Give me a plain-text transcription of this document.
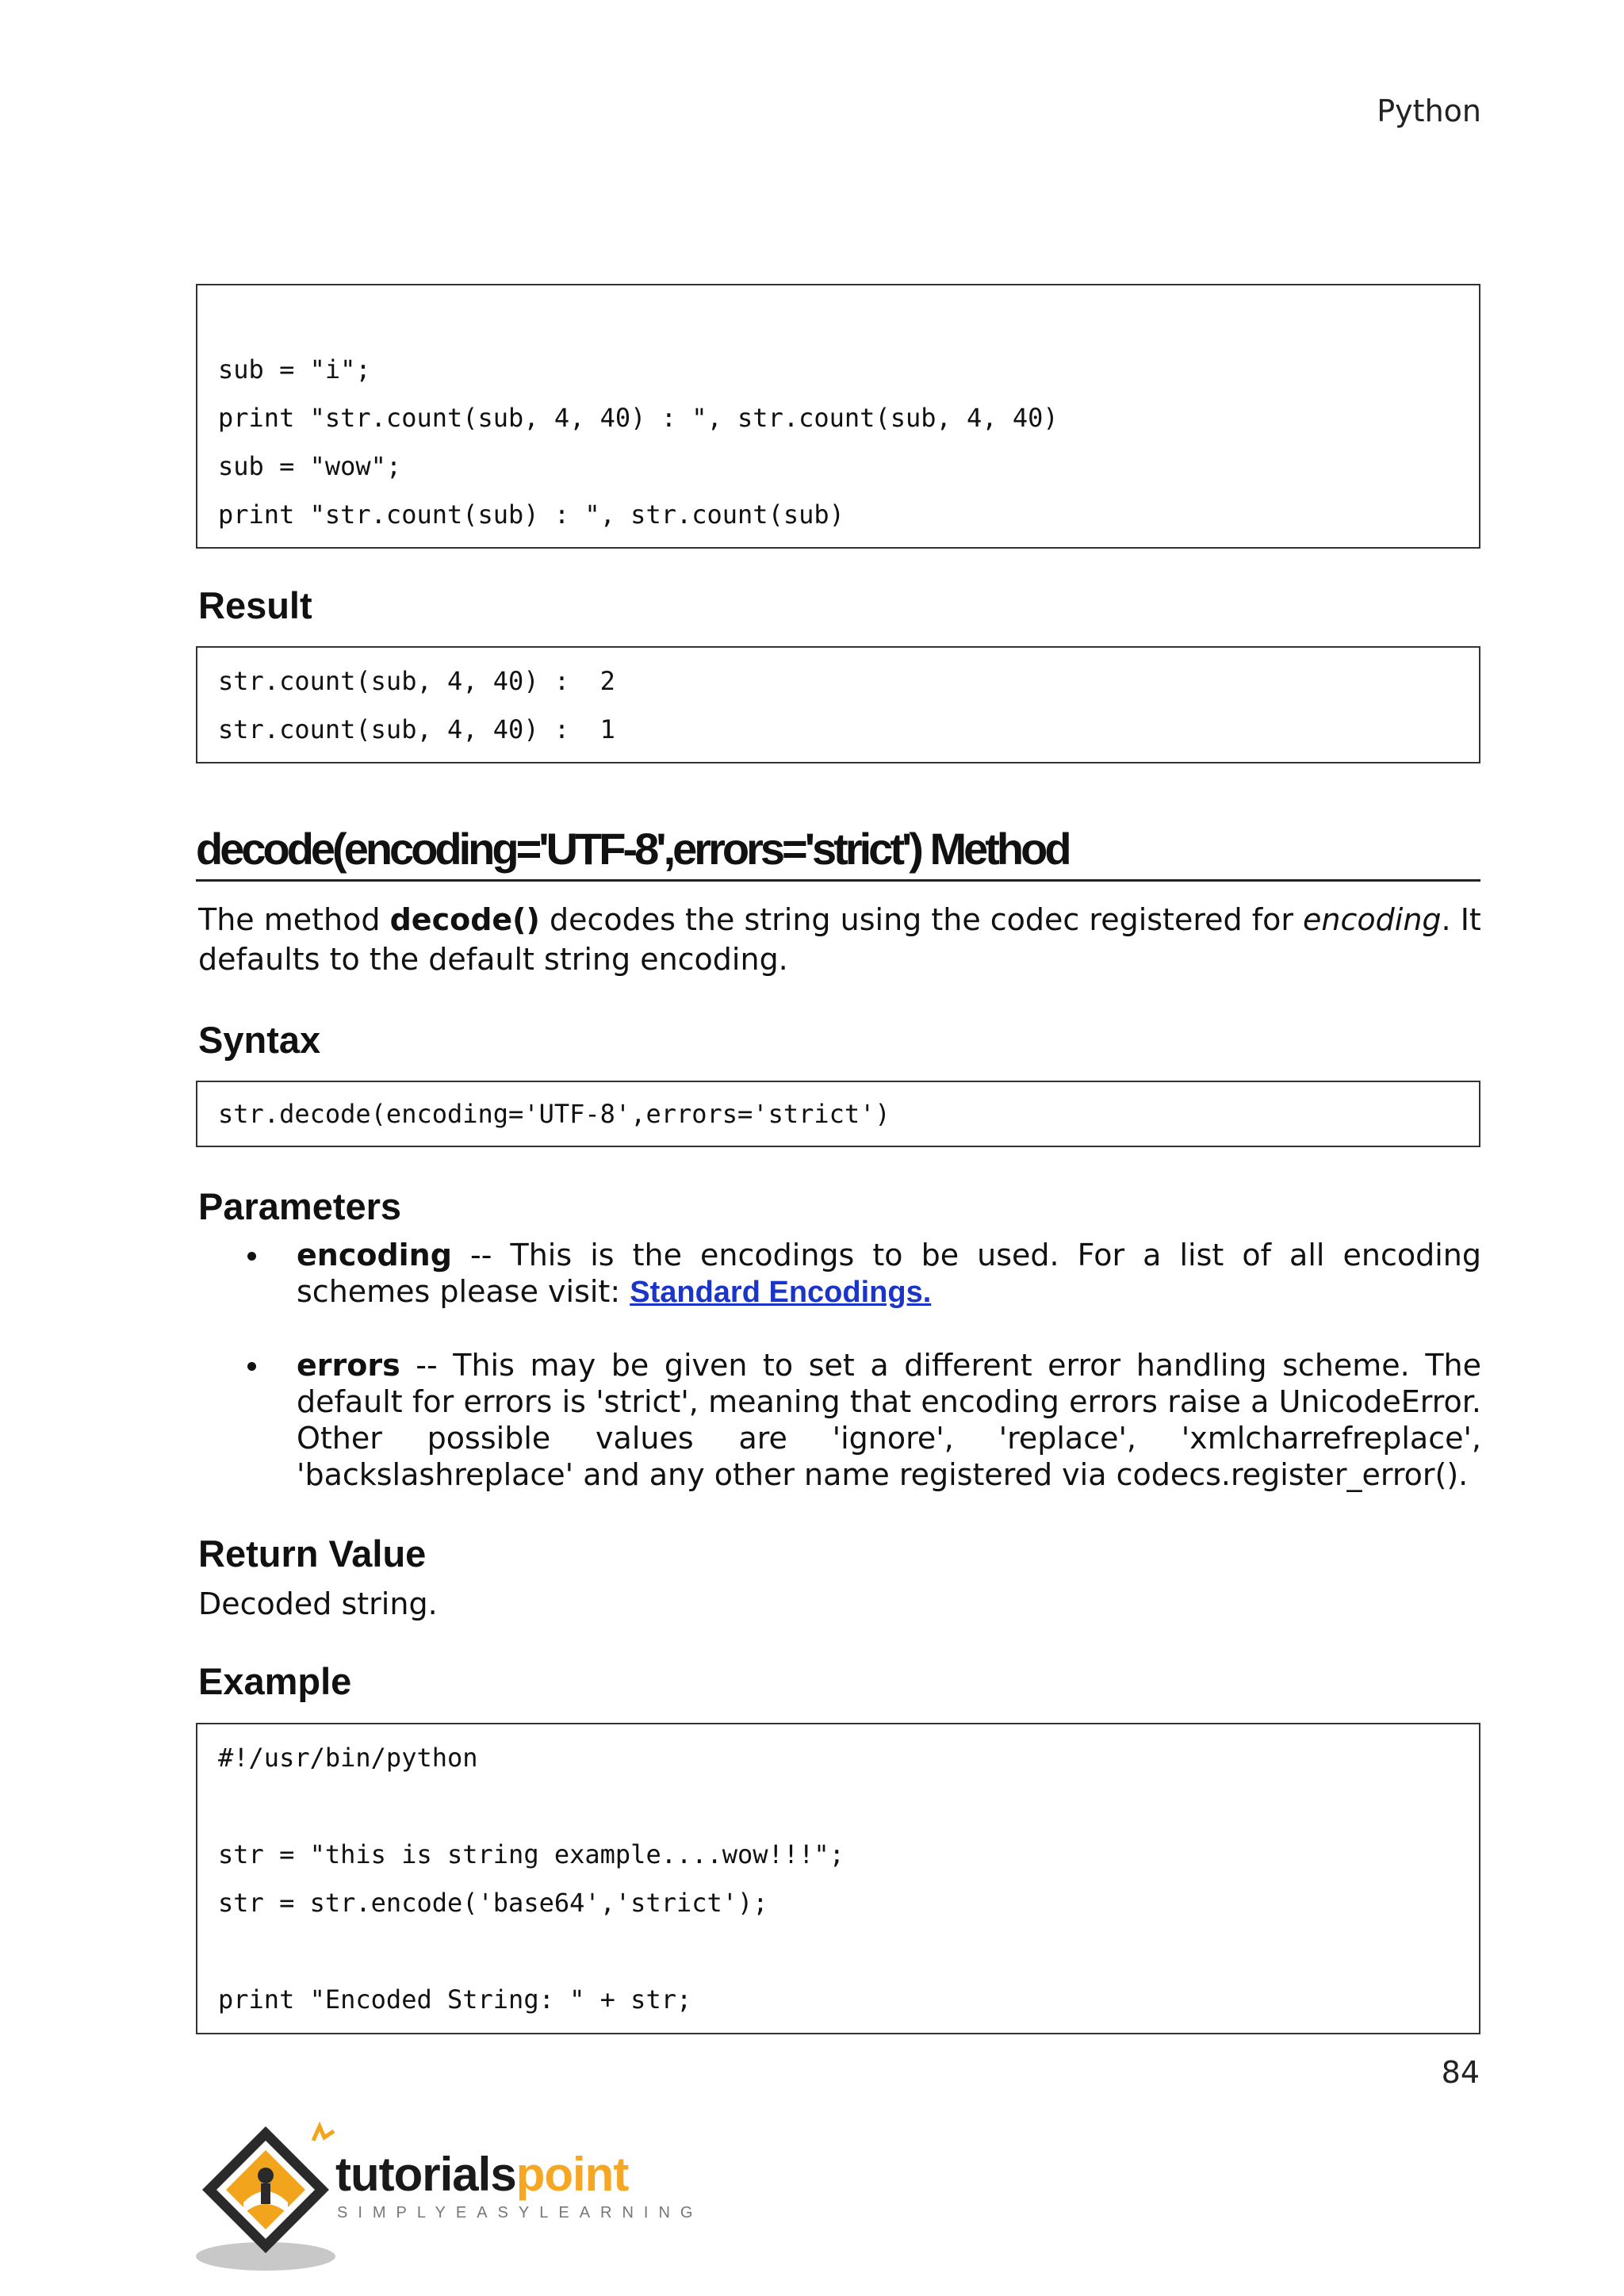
Python
sub = "i";
print "str.count(sub, 4, 40) : ", str.count(sub, 4, 40)
sub = "wow";
print "str.count(sub) : ", str.count(sub)
Result
str.count(sub, 4, 40) :  2
str.count(sub, 4, 40) :  1
decode(encoding='UTF-8',errors='strict') Method
The method decode() decodes the string using the codec registered for encoding. It defaults to the default string encoding.
Syntax
str.decode(encoding='UTF-8',errors='strict')
Parameters
encoding -- This is the encodings to be used. For a list of all encoding schemes please visit: Standard Encodings.
errors -- This may be given to set a different error handling scheme. The default for errors is 'strict', meaning that encoding errors raise a UnicodeError. Other possible values are 'ignore', 'replace', 'xmlcharrefreplace', 'backslashreplace' and any other name registered via codecs.register_error().
Return Value
Decoded string.
Example
#!/usr/bin/python
str = "this is string example....wow!!!";
str = str.encode('base64','strict');
print "Encoded String: " + str;
84
tutorialspoint
SIMPLYEASYLEARNING
